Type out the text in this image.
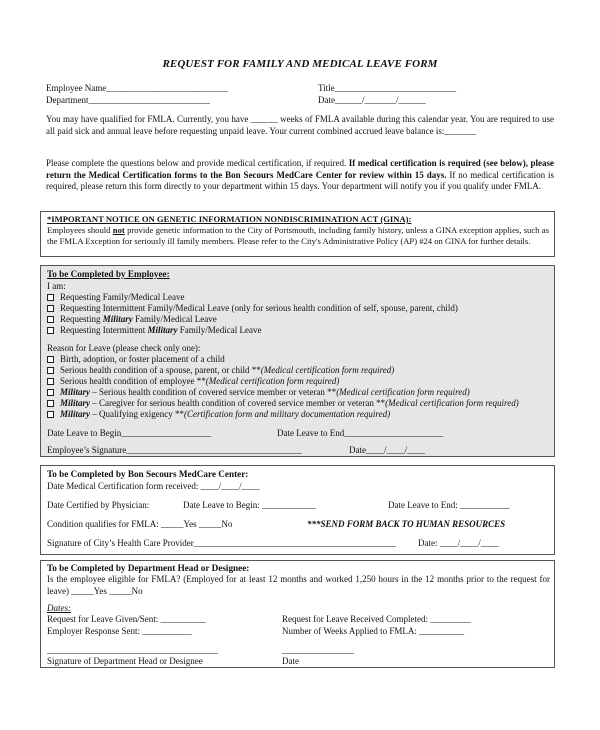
REQUEST FOR FAMILY AND MEDICAL LEAVE FORM
Employee Name___________________________	Title___________________________
Department___________________________	Date______/_______/______
You may have qualified for FMLA. Currently, you have ______ weeks of FMLA available during this calendar year. You are required to use all paid sick and annual leave before requesting unpaid leave. Your current combined accrued leave balance is:_______
Please complete the questions below and provide medical certification, if required. If medical certification is required (see below), please return the Medical Certification forms to the Bon Secours MedCare Center for review within 15 days. If no medical certification is required, please return this form directly to your department within 15 days. Your department will notify you if you qualify under FMLA.
*IMPORTANT NOTICE ON GENETIC INFORMATION NONDISCRIMINATION ACT (GINA):
Employees should not provide genetic information to the City of Portsmouth, including family history, unless a GINA exception applies, such as the FMLA Exception for seriously ill family members. Please refer to the City's Administrative Policy (AP) #24 on GINA for further details.
To be Completed by Employee:
I am:
Requesting Family/Medical Leave
Requesting Intermittent Family/Medical Leave (only for serious health condition of self, spouse, parent, child)
Requesting Military Family/Medical Leave
Requesting Intermittent Military Family/Medical Leave
Reason for Leave (please check only one):
Birth, adoption, or foster placement of a child
Serious health condition of a spouse, parent, or child **(Medical certification form required)
Serious health condition of employee **(Medical certification form required)
Military – Serious health condition of covered service member or veteran **(Medical certification form required)
Military – Caregiver for serious health condition of covered service member or veteran **(Medical certification form required)
Military – Qualifying exigency **(Certification form and military documentation required)
Date Leave to Begin____________________	Date Leave to End______________________
Employee’s Signature_______________________________________	Date____/____/____
To be Completed by Bon Secours MedCare Center:
Date Medical Certification form received: ____/____/____
Date Certified by Physician:	Date Leave to Begin: ____________	Date Leave to End: ___________
Condition qualifies for FMLA: _____Yes _____No	***SEND FORM BACK TO HUMAN RESOURCES
Signature of City’s Health Care Provider_____________________________________________ Date: ____/____/____
To be Completed by Department Head or Designee:
Is the employee eligible for FMLA? (Employed for at least 12 months and worked 1,250 hours in the 12 months prior to the request for leave) _____Yes _____No
Dates:
Request for Leave Given/Sent: __________	Request for Leave Received Completed: _________
Employer Response Sent: ___________	Number of Weeks Applied to FMLA: __________
______________________________________	________________
Signature of Department Head or Designee	Date
